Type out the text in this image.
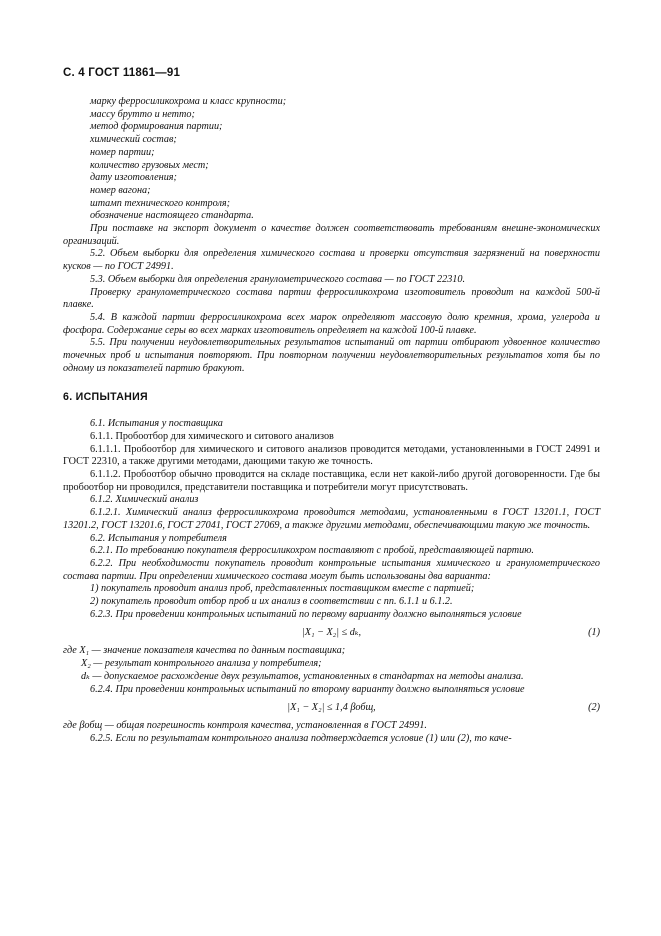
С. 4 ГОСТ 11861—91

марку ферросиликохрома и класс крупности;

массу брутто и нетто;

метод формирования партии;

химический состав;

номер партии;

количество грузовых мест;

дату изготовления;

номер вагона;

штамп технического контроля;

обозначение настоящего стандарта.

При поставке на экспорт документ о качестве должен соответствовать требованиям внешне-экономических организаций.

5.2. Объем выборки для определения химического состава и проверки отсутствия загрязнений на поверхности кусков — по ГОСТ 24991.

5.3. Объем выборки для определения гранулометрического состава — по ГОСТ 22310.

Проверку гранулометрического состава партии ферросиликохрома изготовитель проводит на каждой 500-й плавке.

5.4. В каждой партии ферросиликохрома всех марок определяют массовую долю кремния, хрома, углерода и фосфора. Содержание серы во всех марках изготовитель определяет на каждой 100-й плавке.

5.5. При получении неудовлетворительных результатов испытаний от партии отбирают удвоенное количество точечных проб и испытания повторяют. При повторном получении неудовлетворительных результатов хотя бы по одному из показателей партию бракуют.

6. ИСПЫТАНИЯ

6.1. Испытания у поставщика

6.1.1. Пробоотбор для химического и ситового анализов

6.1.1.1. Пробоотбор для химического и ситового анализов проводится методами, установленными в ГОСТ 24991 и ГОСТ 22310, а также другими методами, дающими такую же точность.

6.1.1.2. Пробоотбор обычно проводится на складе поставщика, если нет какой-либо другой договоренности. Где бы пробоотбор ни проводился, представители поставщика и потребители могут присутствовать.

6.1.2. Химический анализ

6.1.2.1. Химический анализ ферросиликохрома проводится методами, установленными в ГОСТ 13201.1, ГОСТ 13201.2, ГОСТ 13201.6, ГОСТ 27041, ГОСТ 27069, а также другими методами, обеспечивающими такую же точность.

6.2. Испытания у потребителя

6.2.1. По требованию покупателя ферросиликохром поставляют с пробой, представляющей партию.

6.2.2. При необходимости покупатель проводит контрольные испытания химического и гранулометрического состава партии. При определении химического состава могут быть использованы два варианта:

1) покупатель проводит анализ проб, представленных поставщиком вместе с партией;

2) покупатель проводит отбор проб и их анализ в соответствии с пп. 6.1.1 и 6.1.2.

6.2.3. При проведении контрольных испытаний по первому варианту должно выполняться условие

|X₁ − X₂| ≤ dₖ,	(1)

где X₁ — значение показателя качества по данным поставщика;

X₂ — результат контрольного анализа у потребителя;

dₖ — допускаемое расхождение двух результатов, установленных в стандартах на методы анализа.

6.2.4. При проведении контрольных испытаний по второму варианту должно выполняться условие

|X₁ − X₂| ≤ 1,4 βобщ,	(2)

где βобщ — общая погрешность контроля качества, установленная в ГОСТ 24991.

6.2.5. Если по результатам контрольного анализа подтверждается условие (1) или (2), то каче-
